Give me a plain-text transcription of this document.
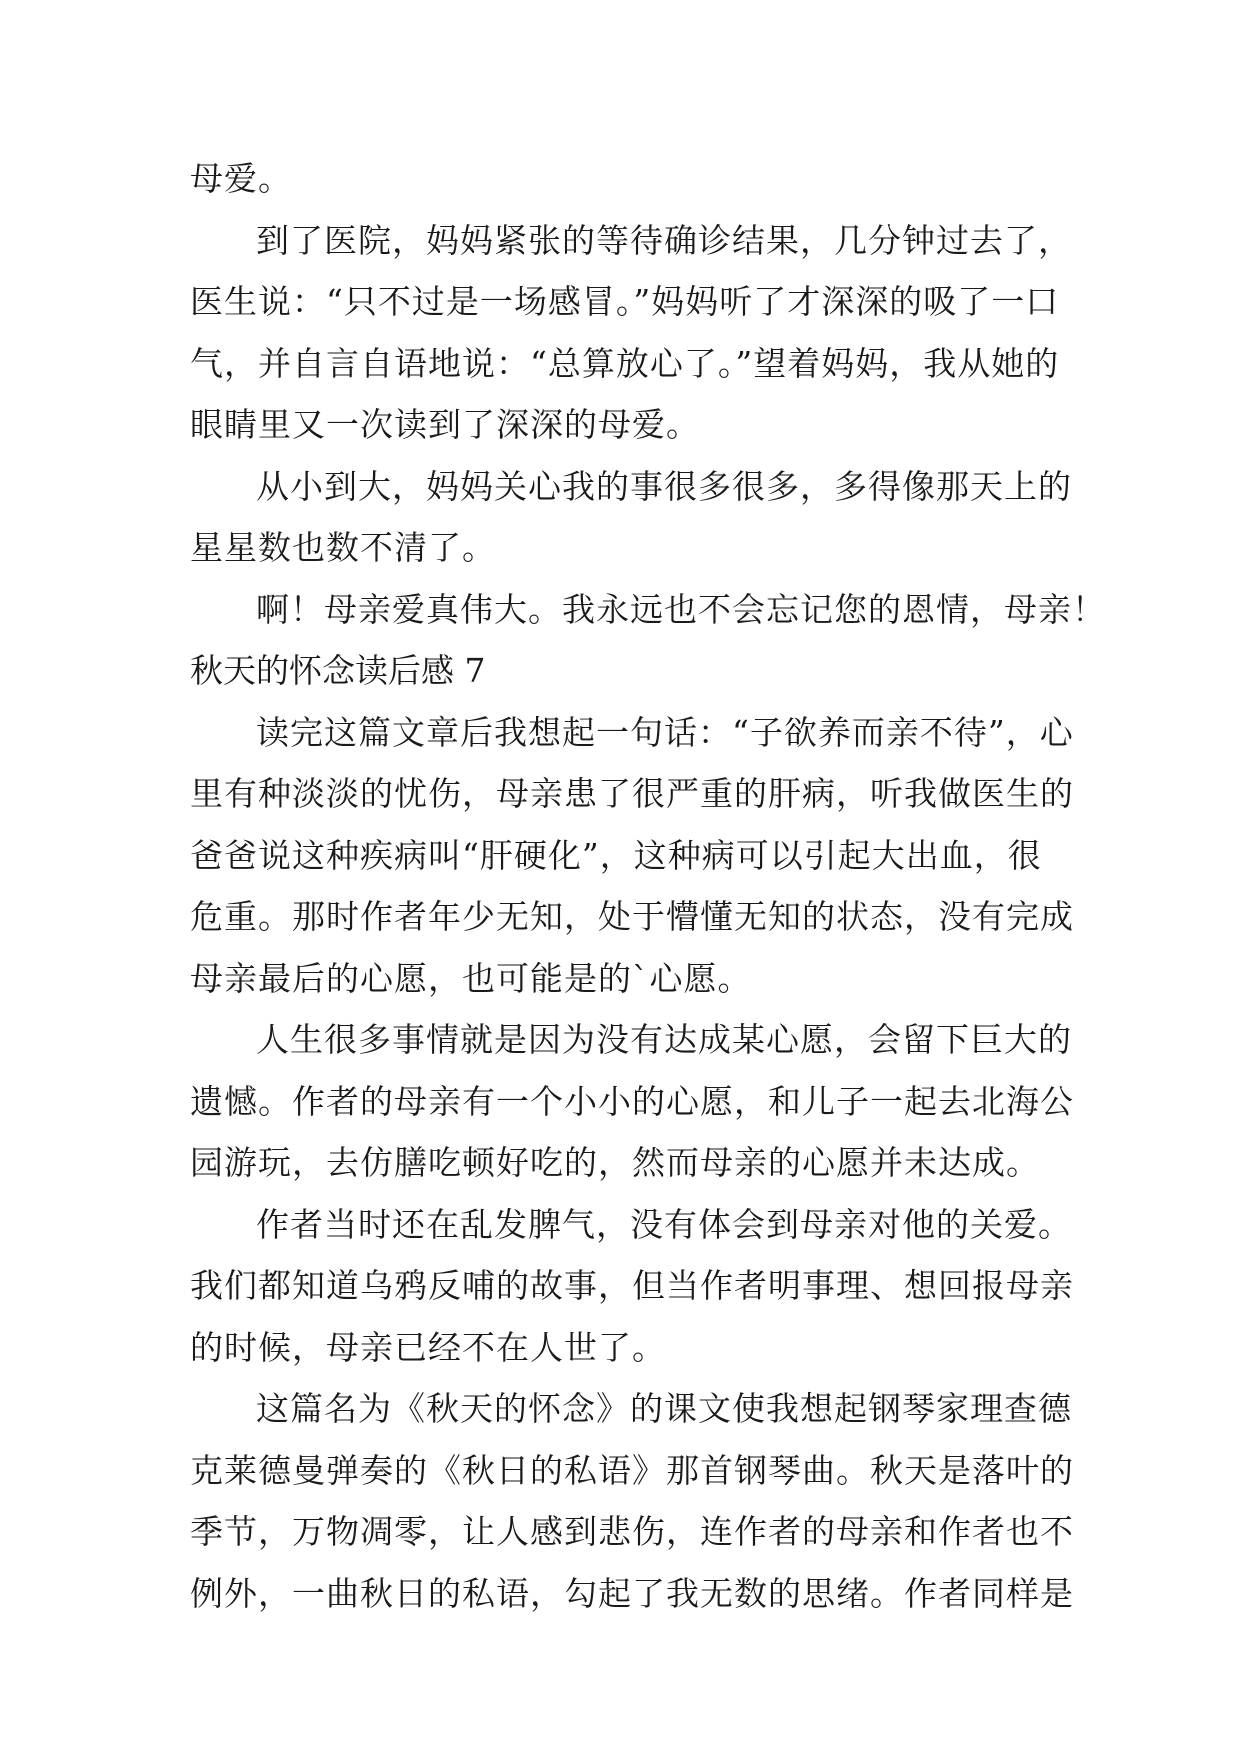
母爱。
到了医院，妈妈紧张的等待确诊结果，几分钟过去了，
医生说：“只不过是一场感冒。”妈妈听了才深深的吸了一口
气，并自言自语地说：“总算放心了。”望着妈妈，我从她的
眼睛里又一次读到了深深的母爱。
从小到大，妈妈关心我的事很多很多，多得像那天上的
星星数也数不清了。
啊！母亲爱真伟大。我永远也不会忘记您的恩情，母亲！
秋天的怀念读后感 7
读完这篇文章后我想起一句话：“子欲养而亲不待”，心
里有种淡淡的忧伤，母亲患了很严重的肝病，听我做医生的
爸爸说这种疾病叫“肝硬化”，这种病可以引起大出血，很
危重。那时作者年少无知，处于懵懂无知的状态，没有完成
母亲最后的心愿，也可能是的`心愿。
人生很多事情就是因为没有达成某心愿，会留下巨大的
遗憾。作者的母亲有一个小小的心愿，和儿子一起去北海公
园游玩，去仿膳吃顿好吃的，然而母亲的心愿并未达成。
作者当时还在乱发脾气，没有体会到母亲对他的关爱。
我们都知道乌鸦反哺的故事，但当作者明事理、想回报母亲
的时候，母亲已经不在人世了。
这篇名为《秋天的怀念》的课文使我想起钢琴家理查德
克莱德曼弹奏的《秋日的私语》那首钢琴曲。秋天是落叶的
季节，万物凋零，让人感到悲伤，连作者的母亲和作者也不
例外，一曲秋日的私语，勾起了我无数的思绪。作者同样是
